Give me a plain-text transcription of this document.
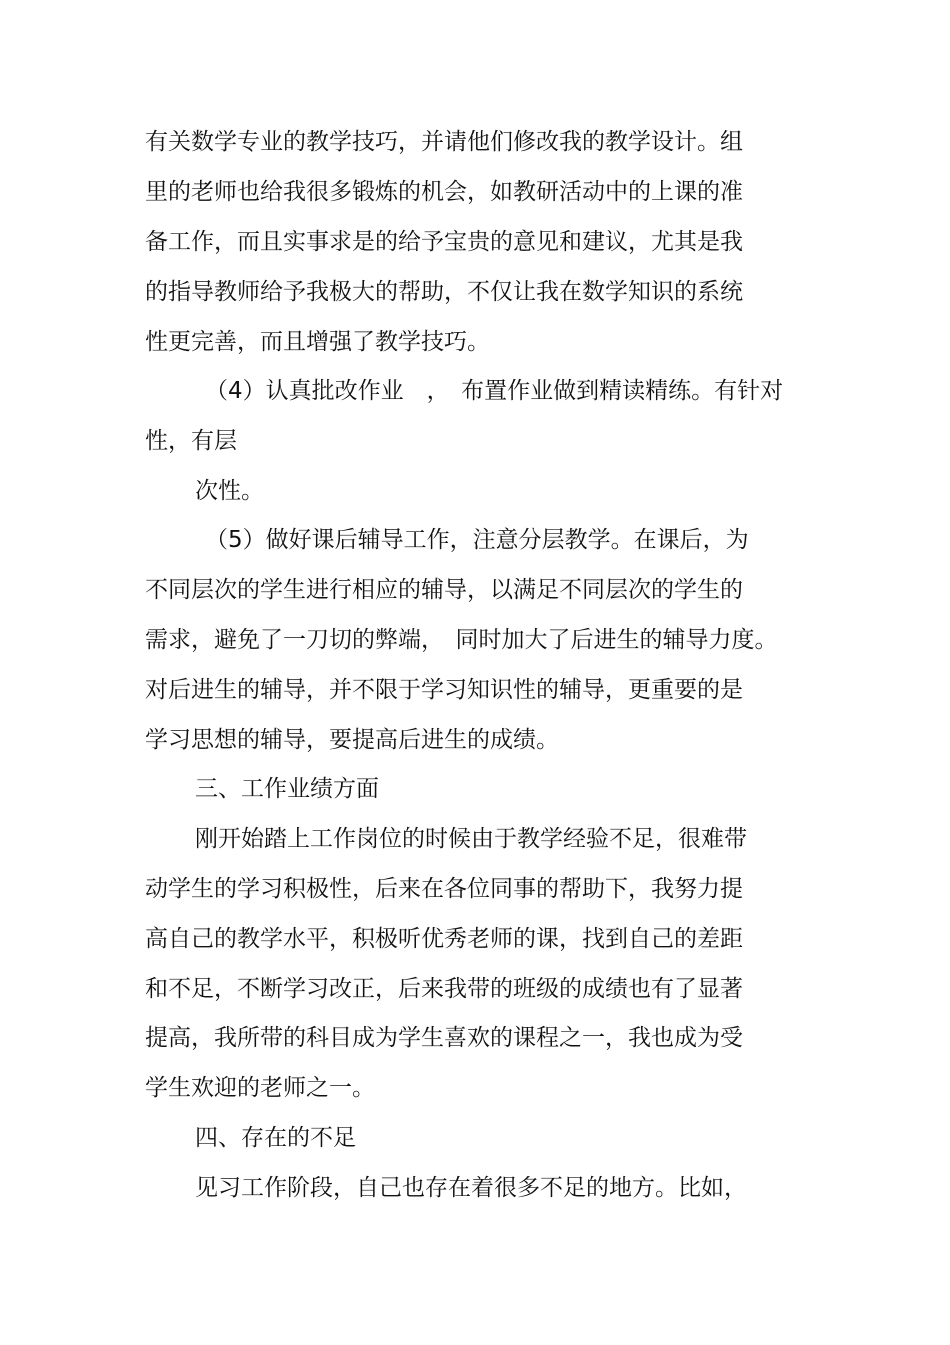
有关数学专业的教学技巧，并请他们修改我的教学设计。组

里的老师也给我很多锻炼的机会，如教研活动中的上课的准

备工作，而且实事求是的给予宝贵的意见和建议，尤其是我

的指导教师给予我极大的帮助，不仅让我在数学知识的系统

性更完善，而且增强了教学技巧。

（4）认真批改作业　，　布置作业做到精读精练。有针对

性，有层

次性。

（5）做好课后辅导工作，注意分层教学。在课后，为

不同层次的学生进行相应的辅导，以满足不同层次的学生的

需求，避免了一刀切的弊端，　同时加大了后进生的辅导力度。

对后进生的辅导，并不限于学习知识性的辅导，更重要的是

学习思想的辅导，要提高后进生的成绩。

三、工作业绩方面

刚开始踏上工作岗位的时候由于教学经验不足，很难带

动学生的学习积极性，后来在各位同事的帮助下，我努力提

高自己的教学水平，积极听优秀老师的课，找到自己的差距

和不足，不断学习改正，后来我带的班级的成绩也有了显著

提高，我所带的科目成为学生喜欢的课程之一，我也成为受

学生欢迎的老师之一。

四、存在的不足

见习工作阶段，自己也存在着很多不足的地方。比如，
